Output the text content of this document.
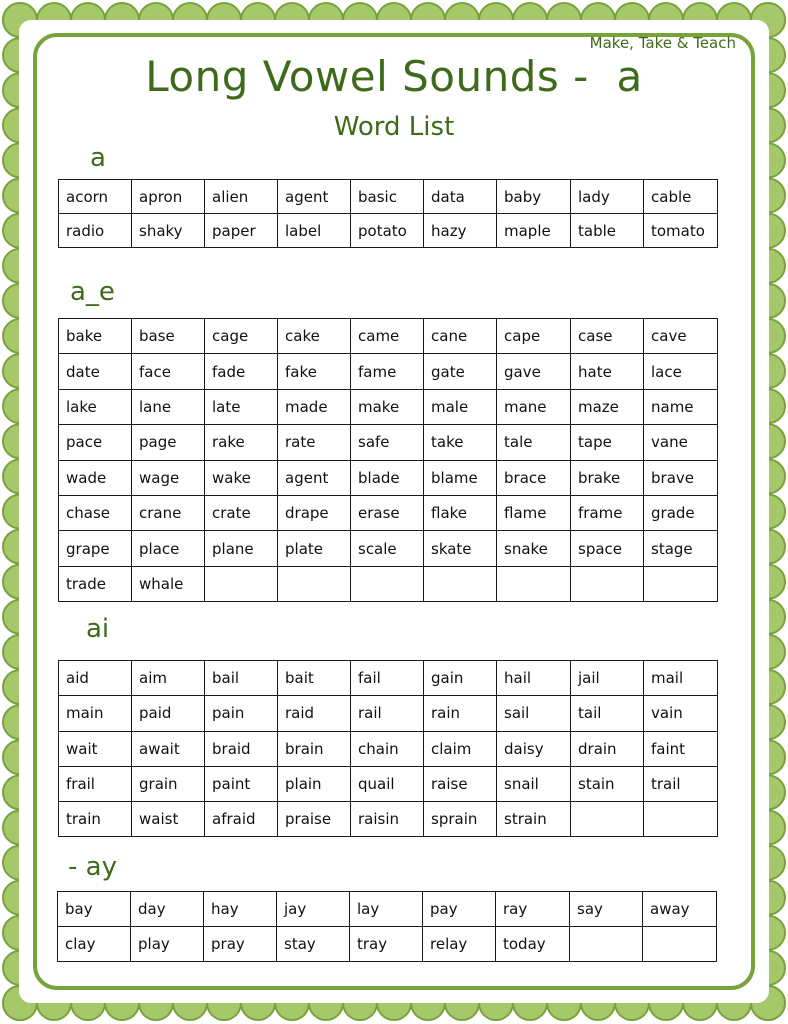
Make, Take & Teach
Long Vowel Sounds -  a
Word List
a
acorn	apron	alien	agent	basic	data	baby	lady	cable
radio	shaky	paper	label	potato	hazy	maple	table	tomato
a_e
bake	base	cage	cake	came	cane	cape	case	cave
date	face	fade	fake	fame	gate	gave	hate	lace
lake	lane	late	made	make	male	mane	maze	name
pace	page	rake	rate	safe	take	tale	tape	vane
wade	wage	wake	agent	blade	blame	brace	brake	brave
chase	crane	crate	drape	erase	flake	flame	frame	grade
grape	place	plane	plate	scale	skate	snake	space	stage
trade	whale							
ai
aid	aim	bail	bait	fail	gain	hail	jail	mail
main	paid	pain	raid	rail	rain	sail	tail	vain
wait	await	braid	brain	chain	claim	daisy	drain	faint
frail	grain	paint	plain	quail	raise	snail	stain	trail
train	waist	afraid	praise	raisin	sprain	strain		
- ay
bay	day	hay	jay	lay	pay	ray	say	away
clay	play	pray	stay	tray	relay	today		
